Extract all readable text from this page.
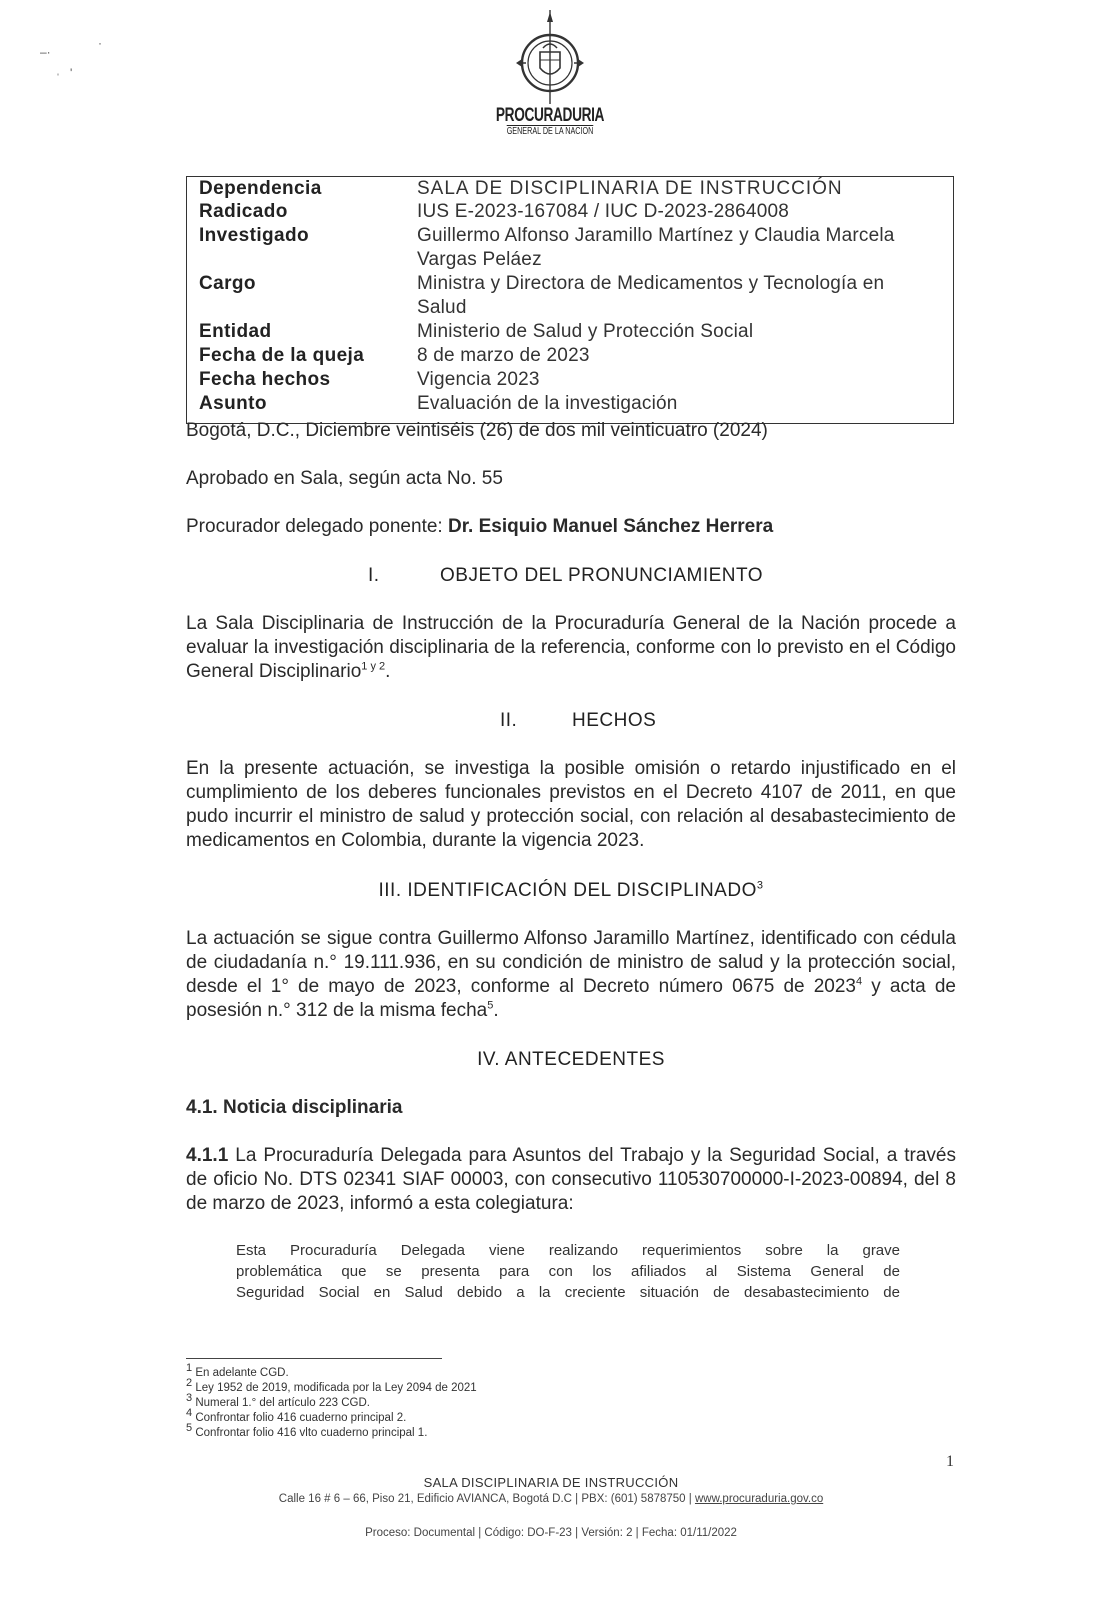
–·
ˌ '
·
PROCURADURIA
GENERAL DE LA NACION
Dependencia	SALA DE DISCIPLINARIA DE INSTRUCCIÓN
Radicado	IUS E-2023-167084 / IUC D-2023-2864008
Investigado	Guillermo Alfonso Jaramillo Martínez y Claudia Marcela
Vargas Peláez
Cargo	Ministra y Directora de Medicamentos y Tecnología en
Salud
Entidad	Ministerio de Salud y Protección Social
Fecha de la queja	8 de marzo de 2023
Fecha hechos	Vigencia 2023
Asunto	Evaluación de la investigación
Bogotá, D.C., Diciembre veintiséis (26) de dos mil veinticuatro (2024)
Aprobado en Sala, según acta No. 55
Procurador delegado ponente: Dr. Esiquio Manuel Sánchez Herrera
I.	OBJETO DEL PRONUNCIAMIENTO
La Sala Disciplinaria de Instrucción de la Procuraduría General de la Nación procede a evaluar la investigación disciplinaria de la referencia, conforme con lo previsto en el Código General Disciplinario$^{1 y 2}$.
II.	HECHOS
En la presente actuación, se investiga la posible omisión o retardo injustificado en el cumplimiento de los deberes funcionales previstos en el Decreto 4107 de 2011, en que pudo incurrir el ministro de salud y protección social, con relación al desabastecimiento de medicamentos en Colombia, durante la vigencia 2023.
III. IDENTIFICACIÓN DEL DISCIPLINADO$^3$
La actuación se sigue contra Guillermo Alfonso Jaramillo Martínez, identificado con cédula de ciudadanía n.° 19.111.936, en su condición de ministro de salud y la protección social, desde el 1° de mayo de 2023, conforme al Decreto número 0675 de 2023$^4$ y acta de posesión n.° 312 de la misma fecha$^5$.
IV. ANTECEDENTES
4.1. Noticia disciplinaria
4.1.1 La Procuraduría Delegada para Asuntos del Trabajo y la Seguridad Social, a través de oficio No. DTS 02341 SIAF 00003, con consecutivo 110530700000-I-2023-00894, del 8 de marzo de 2023, informó a esta colegiatura:
Esta Procuraduría Delegada viene realizando requerimientos sobre la grave
problemática que se presenta para con los afiliados al Sistema General de
Seguridad Social en Salud debido a la creciente situación de desabastecimiento de
$^1$ En adelante CGD.
$^2$ Ley 1952 de 2019, modificada por la Ley 2094 de 2021
$^3$ Numeral 1.° del artículo 223 CGD.
$^4$ Confrontar folio 416 cuaderno principal 2.
$^5$ Confrontar folio 416 vlto cuaderno principal 1.
1
SALA DISCIPLINARIA DE INSTRUCCIÓN
Calle 16 # 6 – 66, Piso 21, Edificio AVIANCA, Bogotá D.C | PBX: (601) 5878750 | www.procuraduria.gov.co
Proceso: Documental | Código: DO-F-23 | Versión: 2 | Fecha: 01/11/2022
